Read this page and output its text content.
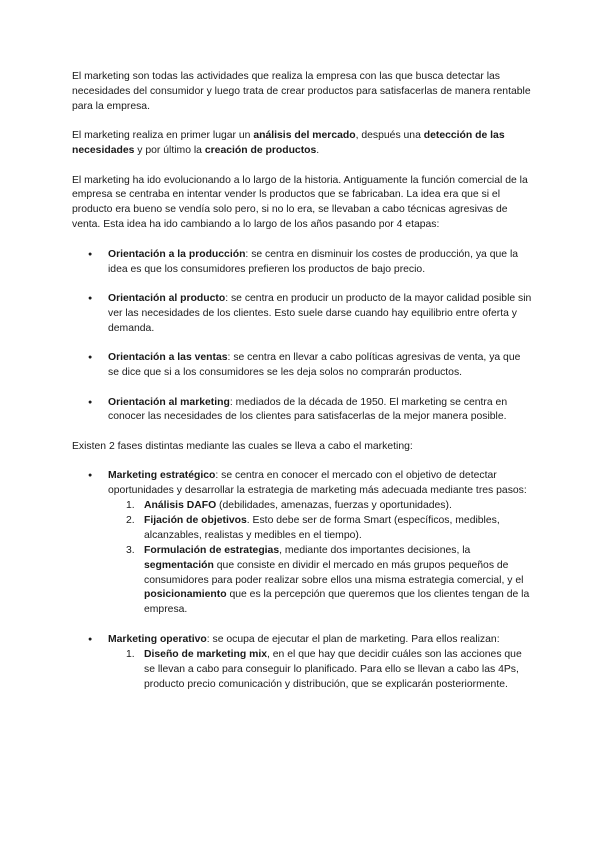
El marketing son todas las actividades que realiza la empresa con las que busca detectar las necesidades del consumidor y luego trata de crear productos para satisfacerlas de manera rentable para la empresa.

El marketing realiza en primer lugar un análisis del mercado, después una detección de las necesidades y por último la creación de productos.

El marketing ha ido evolucionando a lo largo de la historia. Antiguamente la función comercial de la empresa se centraba en intentar vender ls productos que se fabricaban. La idea era que si el producto era bueno se vendía solo pero, si no lo era, se llevaban a cabo técnicas agresivas de venta. Esta idea ha ido cambiando a lo largo de los años pasando por 4 etapas:

● Orientación a la producción: se centra en disminuir los costes de producción, ya que la idea es que los consumidores prefieren los productos de bajo precio.
● Orientación al producto: se centra en producir un producto de la mayor calidad posible sin ver las necesidades de los clientes. Esto suele darse cuando hay equilibrio entre oferta y demanda.
● Orientación a las ventas: se centra en llevar a cabo políticas agresivas de venta, ya que se dice que si a los consumidores se les deja solos no comprarán productos.
● Orientación al marketing: mediados de la década de 1950. El marketing se centra en conocer las necesidades de los clientes para satisfacerlas de la mejor manera posible.

Existen 2 fases distintas mediante las cuales se lleva a cabo el marketing:

● Marketing estratégico: se centra en conocer el mercado con el objetivo de detectar oportunidades y desarrollar la estrategia de marketing más adecuada mediante tres pasos:
1. Análisis DAFO (debilidades, amenazas, fuerzas y oportunidades).
2. Fijación de objetivos. Esto debe ser de forma Smart (específicos, medibles, alcanzables, realistas y medibles en el tiempo).
3. Formulación de estrategias, mediante dos importantes decisiones, la segmentación que consiste en dividir el mercado en más grupos pequeños de consumidores para poder realizar sobre ellos una misma estrategia comercial, y el posicionamiento que es la percepción que queremos que los clientes tengan de la empresa.
● Marketing operativo: se ocupa de ejecutar el plan de marketing. Para ellos realizan:
1. Diseño de marketing mix, en el que hay que decidir cuáles son las acciones que se llevan a cabo para conseguir lo planificado. Para ello se llevan a cabo las 4Ps, producto precio comunicación y distribución, que se explicarán posteriormente.
